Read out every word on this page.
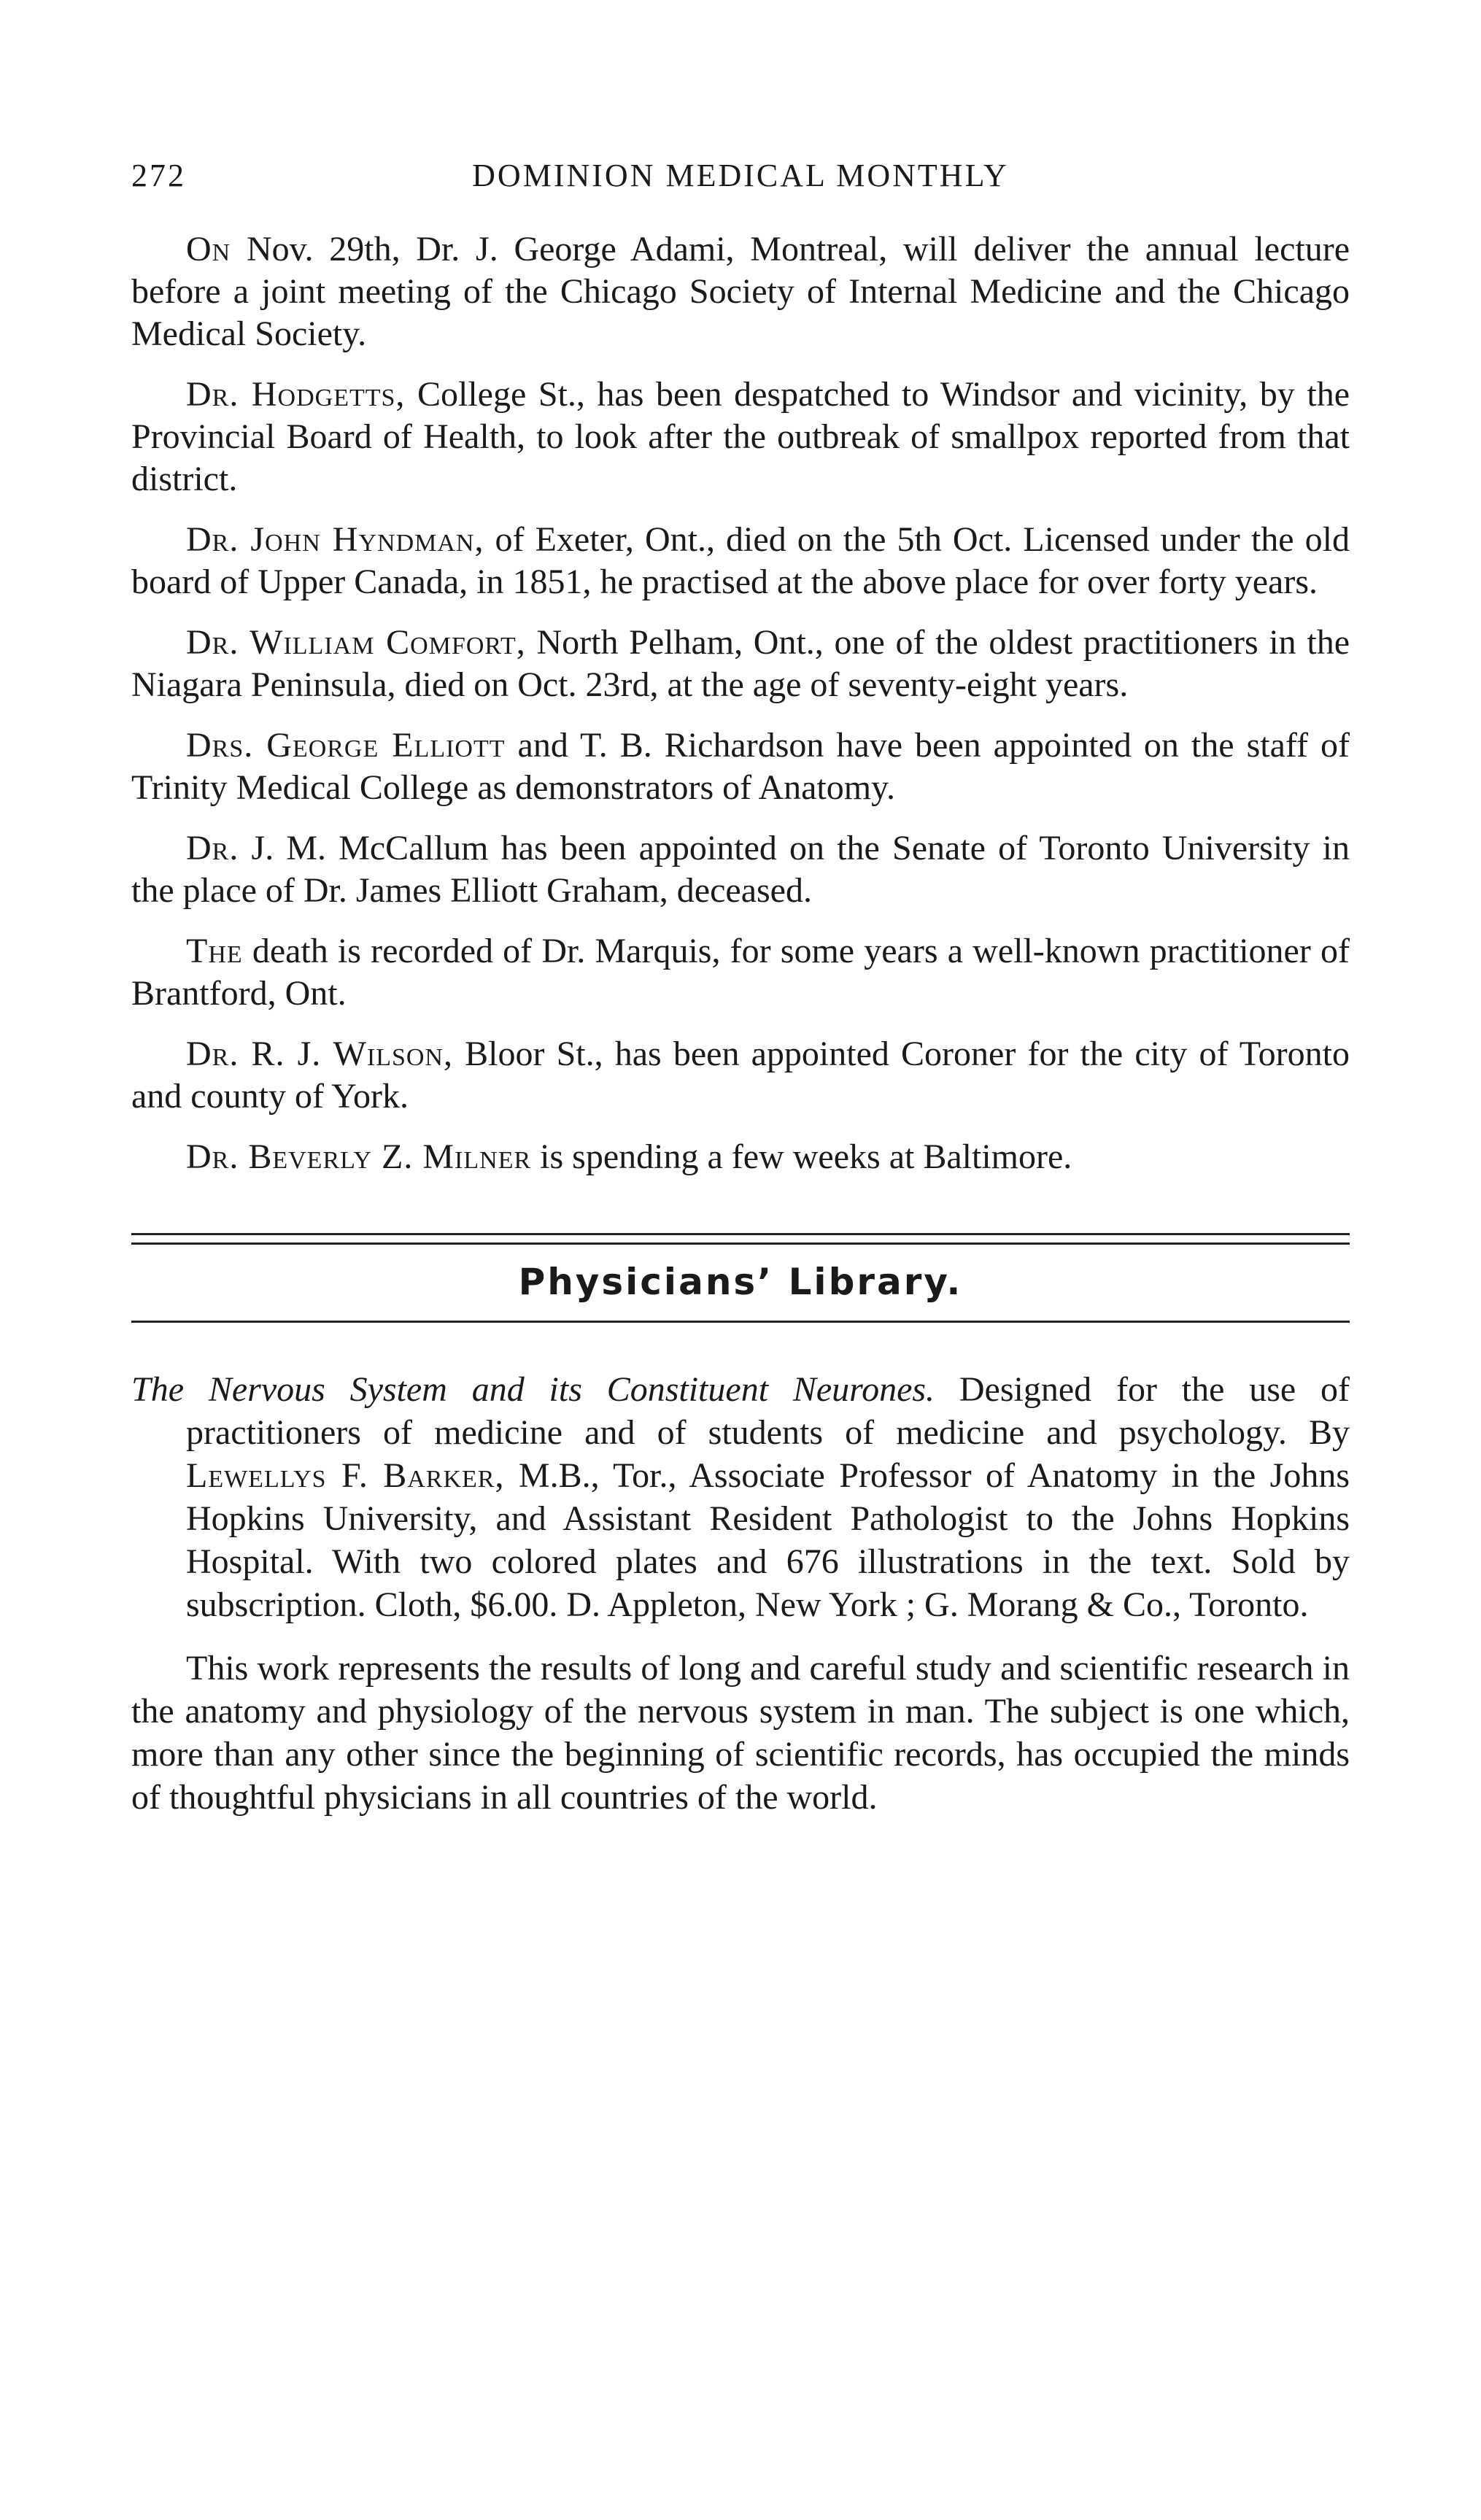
272	DOMINION MEDICAL MONTHLY

On Nov. 29th, Dr. J. George Adami, Montreal, will deliver the annual lecture before a joint meeting of the Chicago Society of Internal Medicine and the Chicago Medical Society.

Dr. Hodgetts, College St., has been despatched to Windsor and vicinity, by the Provincial Board of Health, to look after the outbreak of smallpox reported from that district.

Dr. John Hyndman, of Exeter, Ont., died on the 5th Oct. Licensed under the old board of Upper Canada, in 1851, he practised at the above place for over forty years.

Dr. William Comfort, North Pelham, Ont., one of the oldest practitioners in the Niagara Peninsula, died on Oct. 23rd, at the age of seventy-eight years.

Drs. George Elliott and T. B. Richardson have been appointed on the staff of Trinity Medical College as demonstrators of Anatomy.

Dr. J. M. McCallum has been appointed on the Senate of Toronto University in the place of Dr. James Elliott Graham, deceased.

The death is recorded of Dr. Marquis, for some years a well-known practitioner of Brantford, Ont.

Dr. R. J. Wilson, Bloor St., has been appointed Coroner for the city of Toronto and county of York.

Dr. Beverly Z. Milner is spending a few weeks at Baltimore.

Physicians’ Library.

The Nervous System and its Constituent Neurones. Designed for the use of practitioners of medicine and of students of medicine and psychology. By Lewellys F. Barker, M.B., Tor., Associate Professor of Anatomy in the Johns Hopkins University, and Assistant Resident Pathologist to the Johns Hopkins Hospital. With two colored plates and 676 illustrations in the text. Sold by subscription. Cloth, $6.00. D. Appleton, New York ; G. Morang & Co., Toronto.

This work represents the results of long and careful study and scientific research in the anatomy and physiology of the nervous system in man. The subject is one which, more than any other since the beginning of scientific records, has occupied the minds of thoughtful physicians in all countries of the world.
